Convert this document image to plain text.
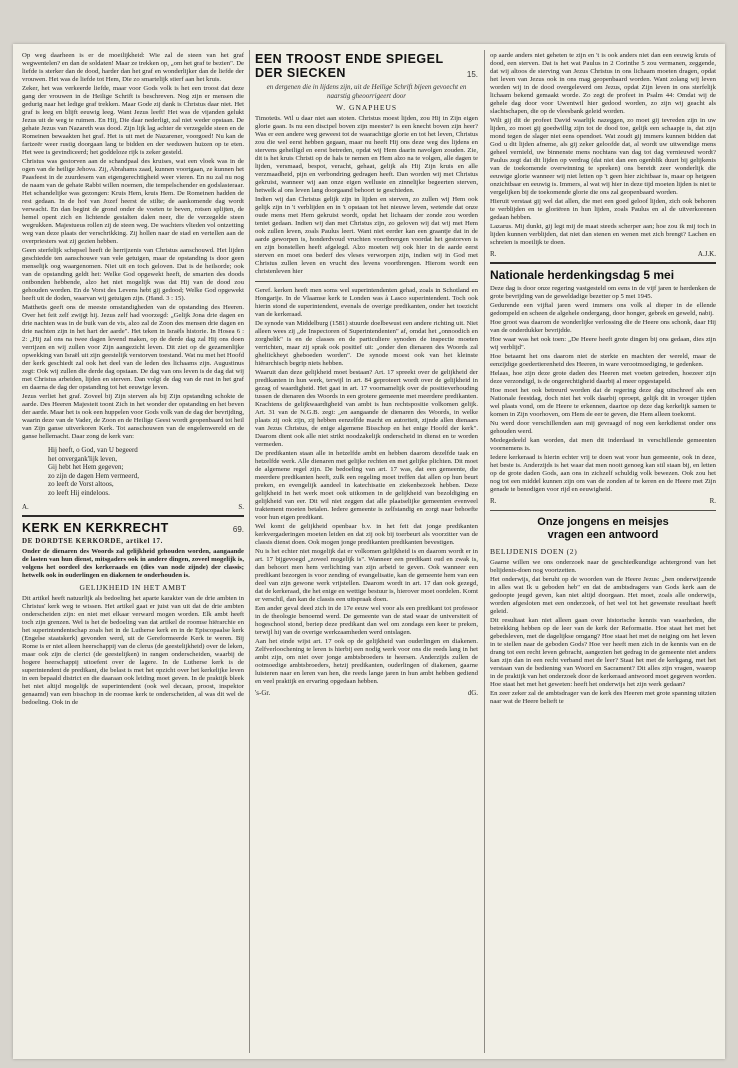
Op weg daarheen is er de moeilijkheid: Wie zal de steen van het graf wegwentelen? en dan de soldaten! Maar ze trekken op, „om het graf te bezien". De liefde is sterker dan de dood, harder dan het graf en wonderlijker dan de liefde der vrouwen. Het was de liefde tot Hem, Die zo smartelijk stierf aan het kruis.

Zeker, het was verkeerde liefde, maar voor Gods volk is het een troost dat deze gang der vrouwen in de Heilige Schrift is beschreven. Nog zijn er mensen die gedurig naar het ledige graf trekken. Maar Gode zij dank is Christus daar niet. Het graf is leeg en blijft eeuwig leeg. Want Jezus leeft! Het was de vijanden gelukt Jezus uit de weg te ruimen. En Hij, Die daar nederligt, zal niet weder opstaan. De gehate Jezus van Nazareth was dood. Zijn lijk lag achter de verzegelde steen en de Romeinen bewaakten het graf. Het is uit met de Nazarener, voorgoed! Nu kan de farizeër weer rustig doorgaan lang te bidden en der weduwen huizen op te eten. Het wee is gevindiceerd; het goddeloze rijk is zeker gesteld.

Christus was gestorven aan de schandpaal des kruises, wat een vloek was in de ogen van de heilige Jehova. Zij, Abrahams zaad, kunnen voortgaan, ze kunnen het Paasfeest in de zuurdesem van eigengerechtigheid weer vieren. En nu zal nu nog de naam van de gehate Rabbi willen noemen, die tempelschender en godslasteraar. Het schandelijke was gezongen: Kruis Hem, kruis Hem. De Romeinen hadden de rest gedaan. In de hof van Jozef heerst de stilte; de aankomende dag wordt verwacht. En dan begint de grond onder de voeten te beven, rotsen splijten, de hemel opent zich en lichtende gestalten dalen neer, die de verzegelde steen wegrukken. Majestueus rollen zij de steen weg. De wachters vlieden vol ontzetting weg van deze plaats der verschrikking. Zij hollen naar de stad en vertellen aan de overpriesters wat zij gezien hebben.

Geen sterfelijk schepsel heeft de herrijzenis van Christus aanschouwd. Het lijden geschiedde ten aanschouwe van vele getuigen, maar de opstanding is door geen menselijk oog waargenomen. Niet uit en toch geloven. Dat is de heilsorde; ook van de opstanding geldt het: Welke God opgewekt heeft, de smarten des doods ontbonden hebbende, alzo het niet mogelijk was dat Hij van de dood zou gehouden worden. En de Vorst des Levens hebt gij gedood; Welke God opgewekt heeft uit de doden, waarvan wij getuigen zijn. (Hand. 3 : 15).

Mattheüs geeft ons de meeste omstandigheden van de opstanding des Heeren. Over het feit zelf zwijgt hij. Jezus zelf had voorzegd: „Gelijk Jona drie dagen en drie nachten was in de buik van de vis, alzo zal de Zoon des mensen drie dagen en drie nachten zijn in het hart der aarde". Het teken in Israëls historie. In Hosea 6 : 2: „Hij zal ons na twee dagen levend maken, op de derde dag zal Hij ons doen verrijzen en wij zullen voor Zijn aangezicht leven. Dit ziet op de gezamenlijke opwekking van Israël uit zijn geestelijk verstorven toestand. Wat nu met het Hoofd der kerk geschiedt zal ook het deel van de leden des lichaams zijn. Augustinus zegt: Ook wij zullen die derde dag opstaan. De dag van ons leven is de dag dat wij met Christus arbeiden, lijden en sterven. Dan volgt de dag van de rust in het graf en daarna de dag der opstanding tot het eeuwige leven.

Jezus verliet het graf. Zoveel bij Zijn sterven als bij Zijn opstanding schokte de aarde. Des Heeren Majesteit toont Zich in het wonder der opstanding en het beven der aarde. Maar het is ook een huppelen voor Gods volk van de dag der bevrijding, waarin deze van de Vader, de Zoon en de Heilige Geest wordt geopenbaard tot heil van Zijn ganse uitverkoren Kerk. Tot aanschouwen van de engelenwereld en de ganse hellemacht. Daar zong de kerk van:

Hij heeft, o God, van U begeerd
het onvergank'lijk leven,
Gij hebt het Hem gegeven;
zo zijn de dagen Hem vermeerd,
zo leeft de Vorst altoos,
zo leeft Hij eindeloos.
A.	S.
KERK EN KERKRECHT	69.
DE DORDTSE KERKORDE, artikel 17.
Onder de dienaren des Woords zal gelijkheid gehouden worden, aangaande de lasten van hun dienst, mitsgaders ook in andere dingen, zoveel mogelijk is, volgens het oordeel des kerkeraads en (dies van node zijnde) der classis; hetwelk ook in ouderlingen en diakenen te onderhouden is.
GELIJKHEID IN HET AMBT

Dit artikel heeft natuurlijk als bedoeling het aparte karakter van de drie ambten in Christus' kerk weg te wissen. Het artikel gaat er juist van uit dat de drie ambten onderscheiden zijn: en niet met elkaar verward mogen worden. Elk ambt heeft toch zijn grenzen. Wel is het de bedoeling van dat artikel de roomse hiërarchie en het superintendentschap zoals het in de Lutherse kerk en in de Episcopaalse kerk (Engelse staatskerk) gevonden werd, uit de Gereformeerde Kerk te weren. Bij Rome is er niet alleen heerschappij van de clerus (de geestelijkheid) over de leken, maar ook zijn de clerici (de geestelijken) in rangen onderscheiden, waarbij de hogere heerschappij uitoefent over de lagere. In de Lutherse kerk is de superintendent de predikant, die belast is met het opzicht over het kerkelijke leven in een bepaald district en die daaraan ook leiding moet geven. In de praktijk bleek het niet altijd mogelijk de superintendent (ook wel decaan, proost, inspektor genaamd) van een bisschop in de roomse kerk te onderscheiden, al was dit wel de bedoeling. Ook in de

EEN TROOST ENDE SPIEGEL
DER SIECKEN	15.
en dergenen die in lijdens zijn, uit de Heilige Schrift bijeen gevoecht en naarstig gheoorrigeert door
W. GNAPHEUS

Timoteüs. Wil u daar niet aan stoten. Christus moest lijden, zou Hij in Zijn eigen glorie gaan. Is nu een discipel boven zijn meester? is een knecht boven zijn heer? Was er een andere weg geweest tot de waarachtige glorie en tot het leven, Christus zou die wel eerst hebben gegaan, maar nu heeft Hij ons deze weg des lijdens en stervens geheiligd en eerst betreden, opdat wij Hem daarin navolgen zouden. Zie, dit is het kruis Christi op de hals te nemen en Hem alzo na te volgen, alle dagen te lijden, versmaad, bespot, veracht, gehaat, gelijk als Hij Zijn kruis en alle verzmaadheid, pijn en verbondring gedragen heeft. Dan worden wij met Christus gekruist, wanneer wij aan onze eigen welluste en zinnelijke begeerten sterven, hetwelk al ons leven lang doorgaand behoort te geschieden.

Indien wij dan Christus gelijk zijn in lijden en sterven, zo zullen wij Hem ook gelijk zijn in 't verblijden en in 't opstaan tot het nieuwe leven, wetende dat onze oude mens met Hem gekruist wordt, opdat het lichaam der zonde zou worden teniet gedaan. Indien wij dan met Christus zijn, zo geloven wij dat wij met Hem ook zullen leven, zoals Paulus leert. Want niet eerder kan een graantje dat in de aarde geworpen is, honderdvoud vruchten voortbrengen voordat het gestorven is en zijn bonstellen heeft afgelegd. Alzo moeten wij ook hier in de aarde eerst sterven en moet ons bederf des vleses verworpen zijn, indien wij in God met Christus zullen leven en vrucht des levens voortbrengen. Hierom wordt een christenleven hier

Geref. kerken heeft men soms wel superintendenten gehad, zoals in Schotland en Hongarije. In de Vlaamse kerk te Londen was à Lasco superintendent. Toch ook hierin stond de superintendent, evenals de overige predikanten, onder het toezicht van de kerkeraad.

De synode van Middelburg (1581) stuurde doelbewust een andere richting uit. Niet alleen wees zij „de Inspectoren of Superintendenten" af, omdat het „onnoodich en zorghelik" is en de classes en de particuliere synoden de inspectie moeten verrichten, maar zij sprak ook positief uit: „onder den dienaren des Woords zal gheliickheyt gheboeden worden". De synode moest ook van het kleinste hiërarchisch begrip niets hebben.

Waaruit dan deze gelijkheid moet bestaan? Art. 17 spreekt over de gelijkheid der predikanten in hun werk, terwijl in art. 84 geproteert wordt over de gelijkheid in gezag of waardigheid. Het gaat in art. 17 voornamelijk over de positieverhouding tussen de dienaren des Woords in een grotere gemeente met meerdere predikanten. Krachtens de gelijkwaardigheid van ambt is hun rechtspositie volkomen gelijk. Art. 31 van de N.G.B. zegt: „en aangaande de dienaren des Woords, in welke plaats zij ook zijn, zij hebben eenzelfde macht en autoriteit, zijnde allen dienaars van Jezus Christus, de enige algemene Bisschop en het enige Hoofd der kerk". Daarom dient ook alle niet strikt noodzakelijk onderscheid in dienst en te worden vermeden.

De predikanten staan alle in hetzelfde ambt en hebben daarom dezelfde taak en hetzelfde werk. Alle dienaren met gelijke rechten en met gelijke plichten. Dit moet de algemene regel zijn. De bedoeling van art. 17 was, dat een gemeente, die meerdere predikanten heeft, zulk een regeling moet treffen dat allen op hun beurt preken, en evengelijk aandeel in katechisatie en ziekenbezoek hebben. Deze gelijkheid in het werk moet ook uitkomen in de gelijkheid van bezoldiging en gelijkheid van eer. Dit wil niet zeggen dat alle plaatselijke gemeenten evenveel traktement moeten betalen. Iedere gemeente is zelfstandig en zorgt naar behoefte voor hun eigen predikant.

Wel komt de gelijkheid openbaar b.v. in het feit dat jonge predikanten kerkvergaderingen moeten leiden en dat zij ook bij toerbeurt als voorzitter van de classis dienst doen. Ook mogen jonge predikanten predikanten bevestigen.

Nu is het echter niet mogelijk dat er volkomen gelijkheid is en daarom wordt er in art. 17 bijgevoegd „zoveel mogelijk is". Wanneer een predikant oud en zwak is, dan behoort men hem verlichting van zijn arbeid te geven. Ook wanneer een predikant bezorgen is voor zending of evangelisatie, kan de gemeente hem van een deel van zijn gewone werk vrijstellen. Daarom wordt in art. 17 dan ook gezegd, dat de kerkeraad, die het enige en wettige bestuur is, hierover moet oordelen. Komt er verschil, dan kan de classis een uitspraak doen.

Een ander geval deed zich in de 17e eeuw wel voor als een predikant tot professor in de theologie benoemd werd. De gemeente van de stad waar de universiteit of hogeschool stond, beriep deze predikant dan wel om zondags een keer te preken, terwijl hij van de overige werkzaamheden werd ontslagen.

Aan het einde wijst art. 17 ook op de gelijkheid van ouderlingen en diakenen. Zelfverloochening te leren is hierbij een nodig werk voor ons die reeds lang in het ambt zijn, om niet over jonge ambtsbroeders te heersen. Anderzijds zullen de ootmoedige ambtsbroeders, hetzij predikanten, ouderlingen of diakenen, gaarne luisteren naar en leren van hen, die reeds lange jaren in hun ambt hebben gediend en veel praktijk en ervaring opgedaan hebben.

's-Gr.	dG.

op aarde anders niet geheten te zijn en 't is ook anders niet dan een eeuwig kruis of dood, een sterven. Dat is het wat Paulus in 2 Corinthe 5 zou vermanen, zeggende, dat wij altoos de sterving van Jezus Christus in ons lichaam moeten dragen, opdat het leven van Jezus ook in ons mag geopenbaard worden. Want zolang wij leven worden wij in de dood overgeleverd om Jezus, opdat Zijn leven in ons sterfelijk lichaam bekend gemaakt worde. Zo zegt de profeet in Psalm 44: Omdat wij de gehele dag door voor Uwentwil hier gedood worden, zo zijn wij geacht als slachtschapen, die op de vleesbank geleid worden.

Wilt gij dit de profeet David waarlijk nazeggen, zo moet gij tevreden zijn in uw lijden, zo moet gij goedwillig zijn tot de dood toe, gelijk een schaapje is, dat zijn mond tegen de slager niet eens opendoet. Wat zoudt gij immers kunnen bidden dat God u dit lijden afneme, als gij zeker geloofde dat, al wordt uw uitwendige mens geheel vernield, uw binnenste mens nochtans van dag tot dag vernieuwd wordt? Paulus zegt dat dit lijden op verdrag (dat niet dan een ogenblik duurt bij gelijkenis van de toekomende overwinning te spreken) ons bereidt zeer wonderlijk die eeuwige glorie wanneer wij niet letten op 't geen hier zichtbaar is, maar op hetgeen onzichtbaar en eeuwig is. Immers, al wat wij hier in deze tijd moeten lijden is niet te vergelijken bij de toekomende glorie die ons zal geopenbaard worden.

Hieruit verstaat gij wel dat allen, die met een goed geloof lijden, zich ook behoren te verblijden en te gloriëren in hun lijden, zoals Paulus en al de uitverkorenen gedaan hebben.

Lazarus. Mij dunkt, gij legt mij de maat steeds scherper aan; hoe zou ik mij toch in lijden kunnen verblijden, dat niet dan stenen en wenen met zich brengt? Lachen en schreien is moeilijk te doen.

R.	A.J.K.
Nationale herdenkingsdag 5 mei

Deze dag is door onze regering vastgesteld om eens in de vijf jaren te herdenken de grote bevrijding van de geweldadige bezetter op 5 mei 1945.

Gedurende een vijftal jaren werd immers ons volk al dieper in de ellende gedompeld en scheen de algehele ondergang, door honger, gebrek en geweld, nabij.

Hoe groot was daarom de wonderlijke verlossing die de Heere ons schonk, daar Hij van de onderdukker bevrijdde.

Hoe waar was het ook toen: „De Heere heeft grote dingen bij ons gedaan, dies zijn wij verblijd".

Hoe betaamt het ons daarom niet de sterkte en machten der wereld, maar de eenzijdige goedertierenheid des Heeren, in ware verootmoediging, te gedenken.

Helaas, hoe zijn deze grote daden des Heeren met voeten getreden, hoezeer zijn deze verzondigd, is de ongerechtigheid daarbij al meer opgestapeld.

Hoe moet het ook betreurd worden dat de regering deze dag uitschreef als een Nationale feestdag, doch niet het volk daarbij oproept, gelijk dit in vroeger tijden wel plaats vond, om de Heere te erkennen, daartoe op deze dag kerkelijk samen te komen in Zijn voorhoven, om Hem de eer te geven, die Hem alleen toekomt.

Nu werd door verschillenden aan mij gevraagd of nog een kerkdienst onder ons gehouden werd.

Medegedeeld kan worden, dat men dit inderdaad in verschillende gemeenten voornemens is.

Iedere kerkeraad is hierin echter vrij te doen wat voor hun gemeente, ook in deze, het beste is. Anderzijds is het waar dat men nooit genoeg kan stil staan bij, en letten op de grote daden Gods, aan ons in zichzelf schuldig volk bewezen. Ook zou het nog tot een middel kunnen zijn om van de zonden af te keren en de Heere met Zijn genade te benodigen voor rijd en eeuwigheid.

R.	R.
Onze jongens en meisjes
vragen een antwoord
BELIJDENIS DOEN (2)

Gaarne willen we ons onderzoek naar de geschiedkundige achtergrond van het belijdenis-doen nog voortzetten.

Het onderwijs, dat beruht op de woorden van de Heere Jezus: „ben onderwijzende in alles wat Ik u geboden heb" en dat de ambtsdragers van Gods kerk aan de gedoopte jeugd geven, kan niet altijd doorgaan. Het moet, zoals alle onderwijs, worden afgesloten met een onderzoek, of het wel tot het gewenste resultaat heeft geleid.

Dit resultaat kan niet alleen gaan over historische kennis van waarheden, die betrekking hebben op de leer van de kerk der Reformatie. Hoe staat het met het gebedsleven, met de dagelijkse omgang? Hoe staat het met de neiging om het leven in te stellen naar de geboden Gods? Hoe ver heeft men zich in de kennis van en de drang tot een recht leven gebracht, aangezien het gedrag in de gemeente niet anders kan zijn dan in een recht verband met de leer? Staat het met de kerkgang, met het verstaan van de bediening van Woord en Sacrament? Dit alles zijn vragen, waarop in de praktijk van het onderzoek door de kerkeraad antwoord moet gegeven worden. Hoe staat het met het geweten: heeft het onderwijs het zijn werk gedaan?

En zeer zeker zal de ambtsdrager van de kerk des Heeren met grote spanning uitzien naar wat de Heere belieft te
